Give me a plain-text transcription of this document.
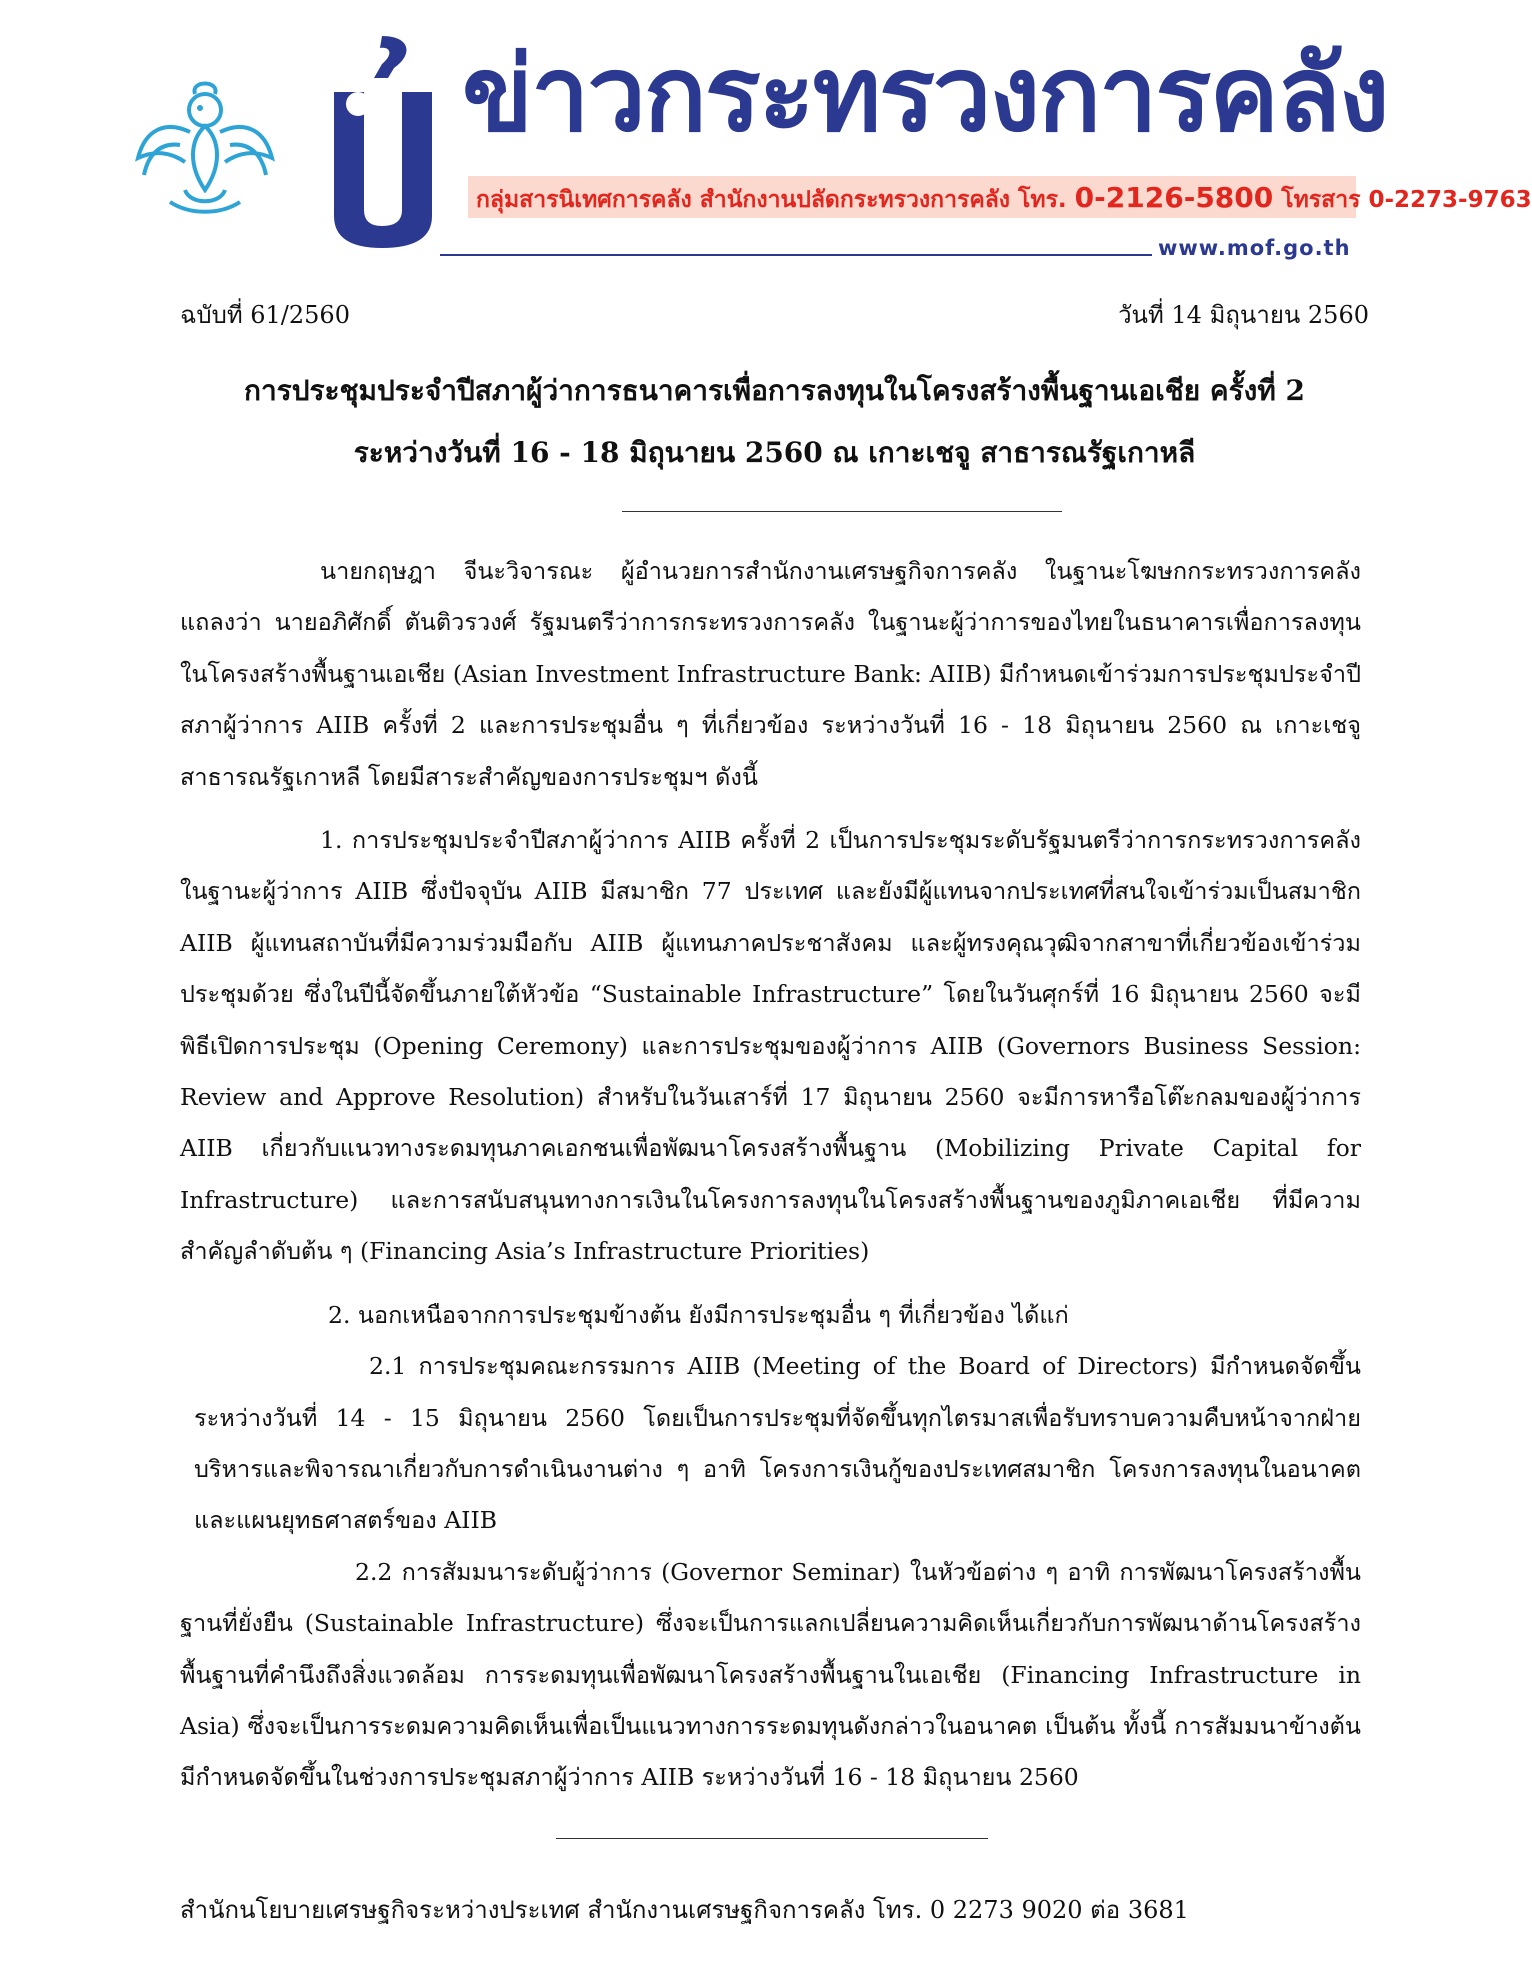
ข่าวกระทรวงการคลัง
กลุ่มสารนิเทศการคลัง สำนักงานปลัดกระทรวงการคลัง โทร. 0-2126-5800 โทรสาร 0-2273-9763
www.mof.go.th
ฉบับที่ 61/2560	วันที่ 14 มิถุนายน 2560
การประชุมประจำปีสภาผู้ว่าการธนาคารเพื่อการลงทุนในโครงสร้างพื้นฐานเอเชีย ครั้งที่ 2
ระหว่างวันที่ 16 - 18 มิถุนายน 2560 ณ เกาะเชจู สาธารณรัฐเกาหลี

นายกฤษฎา จีนะวิจารณะ ผู้อำนวยการสำนักงานเศรษฐกิจการคลัง ในฐานะโฆษกกระทรวงการคลัง แถลงว่า นายอภิศักดิ์ ตันติวรวงศ์ รัฐมนตรีว่าการกระทรวงการคลัง ในฐานะผู้ว่าการของไทยในธนาคารเพื่อการลงทุนในโครงสร้างพื้นฐานเอเชีย (Asian Investment Infrastructure Bank: AIIB) มีกำหนดเข้าร่วมการประชุมประจำปีสภาผู้ว่าการ AIIB ครั้งที่ 2 และการประชุมอื่น ๆ ที่เกี่ยวข้อง ระหว่างวันที่ 16 - 18 มิถุนายน 2560 ณ เกาะเชจู สาธารณรัฐเกาหลี โดยมีสาระสำคัญของการประชุมฯ ดังนี้

1. การประชุมประจำปีสภาผู้ว่าการ AIIB ครั้งที่ 2 เป็นการประชุมระดับรัฐมนตรีว่าการกระทรวงการคลังในฐานะผู้ว่าการ AIIB ซึ่งปัจจุบัน AIIB มีสมาชิก 77 ประเทศ และยังมีผู้แทนจากประเทศที่สนใจเข้าร่วมเป็นสมาชิก AIIB ผู้แทนสถาบันที่มีความร่วมมือกับ AIIB ผู้แทนภาคประชาสังคม และผู้ทรงคุณวุฒิจากสาขาที่เกี่ยวข้องเข้าร่วมประชุมด้วย ซึ่งในปีนี้จัดขึ้นภายใต้หัวข้อ “Sustainable Infrastructure” โดยในวันศุกร์ที่ 16 มิถุนายน 2560 จะมีพิธีเปิดการประชุม (Opening Ceremony) และการประชุมของผู้ว่าการ AIIB (Governors Business Session: Review and Approve Resolution) สำหรับในวันเสาร์ที่ 17 มิถุนายน 2560 จะมีการหารือโต๊ะกลมของผู้ว่าการ AIIB เกี่ยวกับแนวทางระดมทุนภาคเอกชนเพื่อพัฒนาโครงสร้างพื้นฐาน (Mobilizing Private Capital for Infrastructure) และการสนับสนุนทางการเงินในโครงการลงทุนในโครงสร้างพื้นฐานของภูมิภาคเอเชีย ที่มีความสำคัญลำดับต้น ๆ (Financing Asia’s Infrastructure Priorities)

2. นอกเหนือจากการประชุมข้างต้น ยังมีการประชุมอื่น ๆ ที่เกี่ยวข้อง ได้แก่

2.1 การประชุมคณะกรรมการ AIIB (Meeting of the Board of Directors) มีกำหนดจัดขึ้นระหว่างวันที่ 14 - 15 มิถุนายน 2560 โดยเป็นการประชุมที่จัดขึ้นทุกไตรมาสเพื่อรับทราบความคืบหน้าจากฝ่ายบริหารและพิจารณาเกี่ยวกับการดำเนินงานต่าง ๆ อาทิ โครงการเงินกู้ของประเทศสมาชิก โครงการลงทุนในอนาคตและแผนยุทธศาสตร์ของ AIIB

2.2 การสัมมนาระดับผู้ว่าการ (Governor Seminar) ในหัวข้อต่าง ๆ อาทิ การพัฒนาโครงสร้างพื้นฐานที่ยั่งยืน (Sustainable Infrastructure) ซึ่งจะเป็นการแลกเปลี่ยนความคิดเห็นเกี่ยวกับการพัฒนาด้านโครงสร้างพื้นฐานที่คำนึงถึงสิ่งแวดล้อม การระดมทุนเพื่อพัฒนาโครงสร้างพื้นฐานในเอเชีย (Financing Infrastructure in Asia) ซึ่งจะเป็นการระดมความคิดเห็นเพื่อเป็นแนวทางการระดมทุนดังกล่าวในอนาคต เป็นต้น ทั้งนี้ การสัมมนาข้างต้นมีกำหนดจัดขึ้นในช่วงการประชุมสภาผู้ว่าการ AIIB ระหว่างวันที่ 16 - 18 มิถุนายน 2560

สำนักนโยบายเศรษฐกิจระหว่างประเทศ สำนักงานเศรษฐกิจการคลัง โทร. 0 2273 9020 ต่อ 3681
